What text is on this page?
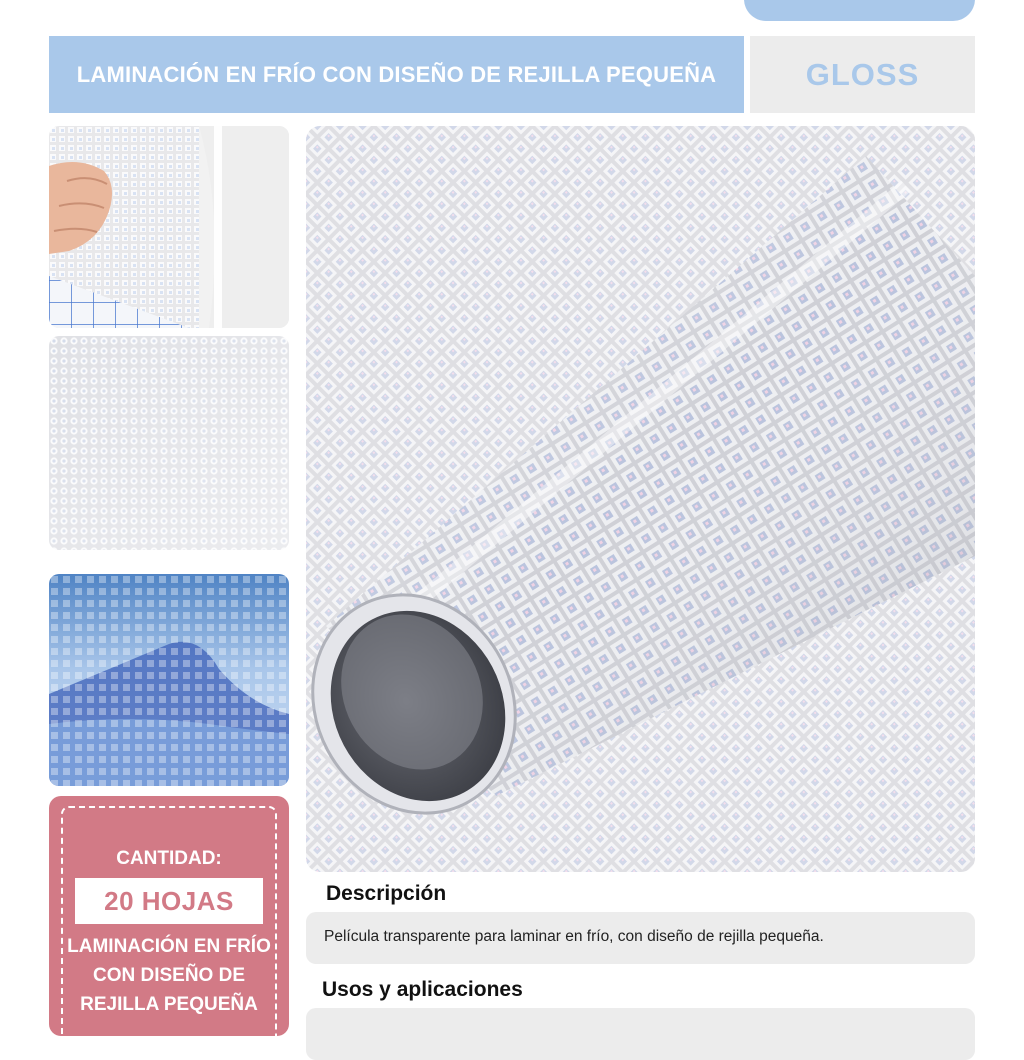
LAMINACIÓN EN FRÍO CON DISEÑO DE REJILLA PEQUEÑA	GLOSS
CANTIDAD:
20 HOJAS
LAMINACIÓN EN FRÍO CON DISEÑO DE REJILLA PEQUEÑA
Descripción
Película transparente para laminar en frío, con diseño de rejilla pequeña.
Usos y aplicaciones
